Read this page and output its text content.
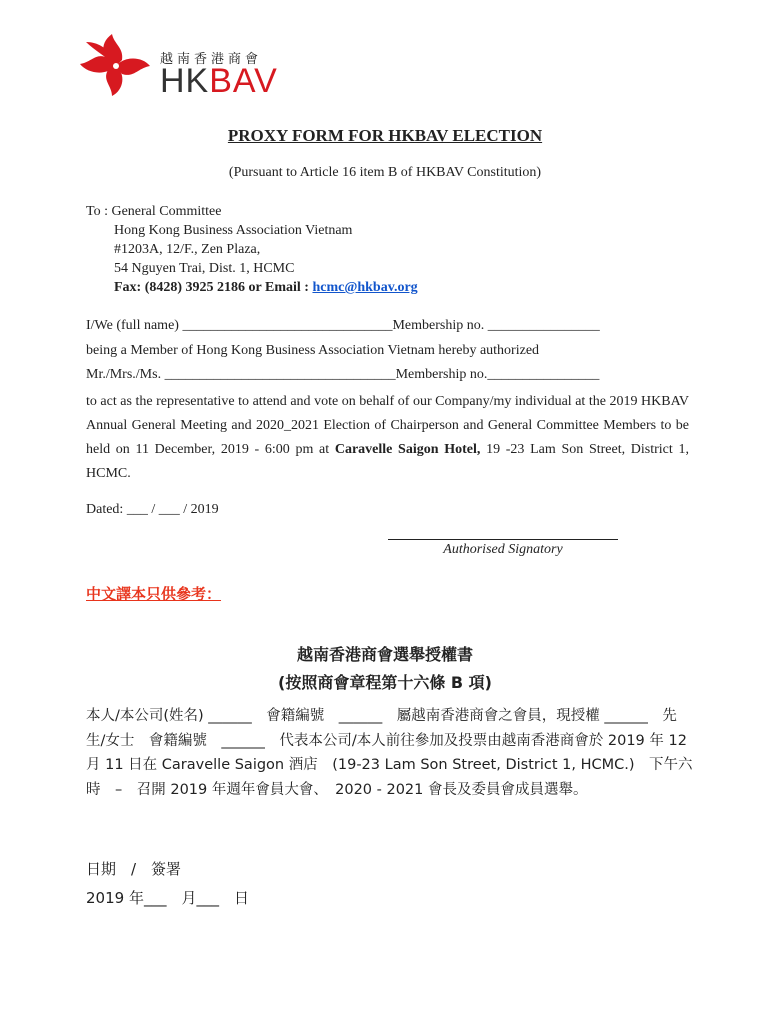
越南香港商會
HKBAV
PROXY FORM FOR HKBAV ELECTION
(Pursuant to Article 16 item B of HKBAV Constitution)
To : General Committee
Hong Kong Business Association Vietnam
#1203A, 12/F., Zen Plaza,
54 Nguyen Trai, Dist. 1, HCMC
Fax: (8428) 3925 2186 or Email : hcmc@hkbav.org
I/We (full name) ______________________________Membership no. ________________
being a Member of Hong Kong Business Association Vietnam hereby authorized
Mr./Mrs./Ms. _________________________________Membership no.________________
to act as the representative to attend and vote on behalf of our Company/my individual at the 2019 HKBAV Annual General Meeting and 2020_2021 Election of Chairperson and General Committee Members to be held on 11 December, 2019 - 6:00 pm at Caravelle Saigon Hotel, 19 -23 Lam Son Street, District 1, HCMC.
Dated: ___ / ___ / 2019
Authorised Signatory
中文譯本只供參考：
越南香港商會選舉授權書
(按照商會章程第十六條 B 項)
本人/本公司(姓名) ______　會籍編號　______　屬越南香港商會之會員，現授權 ______　先生/女士　會籍編號　______　代表本公司/本人前往參加及投票由越南香港商會於 2019 年 12 月 11 日在 Caravelle Saigon 酒店　(19-23 Lam Son Street, District 1, HCMC.)　下午六時　–　召開 2019 年週年會員大會、　2020 - 2021 會長及委員會成員選舉。
日期　/　簽署
2019 年___　月___　日
